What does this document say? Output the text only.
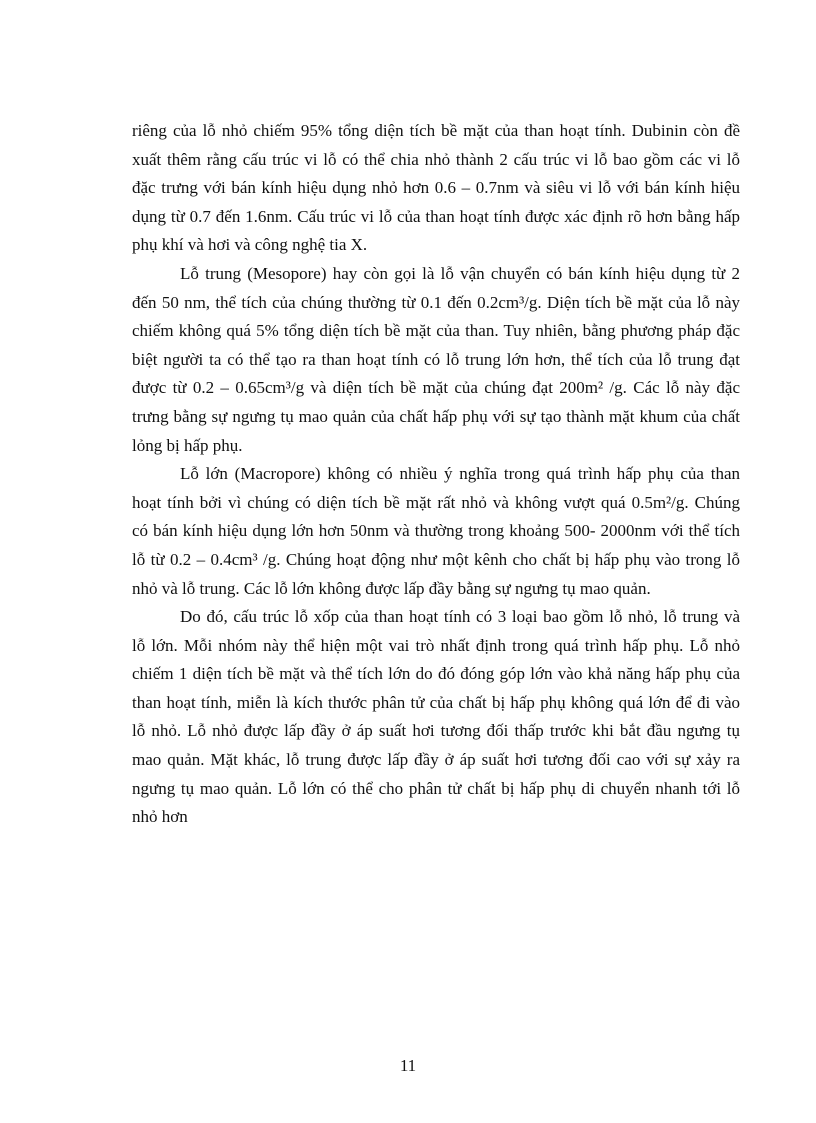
riêng của lỗ nhỏ chiếm 95% tổng diện tích bề mặt của than hoạt tính. Dubinin còn đề
xuất thêm rằng cấu trúc vi lỗ có thể chia nhỏ thành 2 cấu trúc vi lỗ bao gồm các vi lỗ
đặc trưng với bán kính hiệu dụng nhỏ hơn 0.6 – 0.7nm và siêu vi lỗ với bán kính hiệu
dụng từ 0.7 đến 1.6nm. Cấu trúc vi lỗ của than hoạt tính được xác định rõ hơn bằng hấp
phụ khí và hơi và công nghệ tia X.

Lỗ trung (Mesopore) hay còn gọi là lỗ vận chuyển có bán kính hiệu dụng từ 2
đến 50 nm, thể tích của chúng thường từ 0.1 đến 0.2cm³/g. Diện tích bề mặt của lỗ này
chiếm không quá 5% tổng diện tích bề mặt của than. Tuy nhiên, bằng phương pháp đặc
biệt người ta có thể tạo ra than hoạt tính có lỗ trung lớn hơn, thể tích của lỗ trung đạt
được từ 0.2 – 0.65cm³/g và diện tích bề mặt của chúng đạt 200m² /g. Các lỗ này đặc
trưng bằng sự ngưng tụ mao quản của chất hấp phụ với sự tạo thành mặt khum của chất
lỏng bị hấp phụ.

Lỗ lớn (Macropore) không có nhiều ý nghĩa trong quá trình hấp phụ của than
hoạt tính bởi vì chúng có diện tích bề mặt rất nhỏ và không vượt quá 0.5m²/g. Chúng
có bán kính hiệu dụng lớn hơn 50nm và thường trong khoảng 500- 2000nm với thể tích
lỗ từ 0.2 – 0.4cm³ /g. Chúng hoạt động như một kênh cho chất bị hấp phụ vào trong lỗ
nhỏ và lỗ trung. Các lỗ lớn không được lấp đầy bằng sự ngưng tụ mao quản.

Do đó, cấu trúc lỗ xốp của than hoạt tính có 3 loại bao gồm lỗ nhỏ, lỗ trung và
lỗ lớn. Mỗi nhóm này thể hiện một vai trò nhất định trong quá trình hấp phụ. Lỗ nhỏ
chiếm 1 diện tích bề mặt và thể tích lớn do đó đóng góp lớn vào khả năng hấp phụ của
than hoạt tính, miễn là kích thước phân tử của chất bị hấp phụ không quá lớn để đi vào
lỗ nhỏ. Lỗ nhỏ được lấp đầy ở áp suất hơi tương đối thấp trước khi bắt đầu ngưng tụ
mao quản. Mặt khác, lỗ trung được lấp đầy ở áp suất hơi tương đối cao với sự xảy ra
ngưng tụ mao quản. Lỗ lớn có thể cho phân tử chất bị hấp phụ di chuyển nhanh tới lỗ
nhỏ hơn

11
